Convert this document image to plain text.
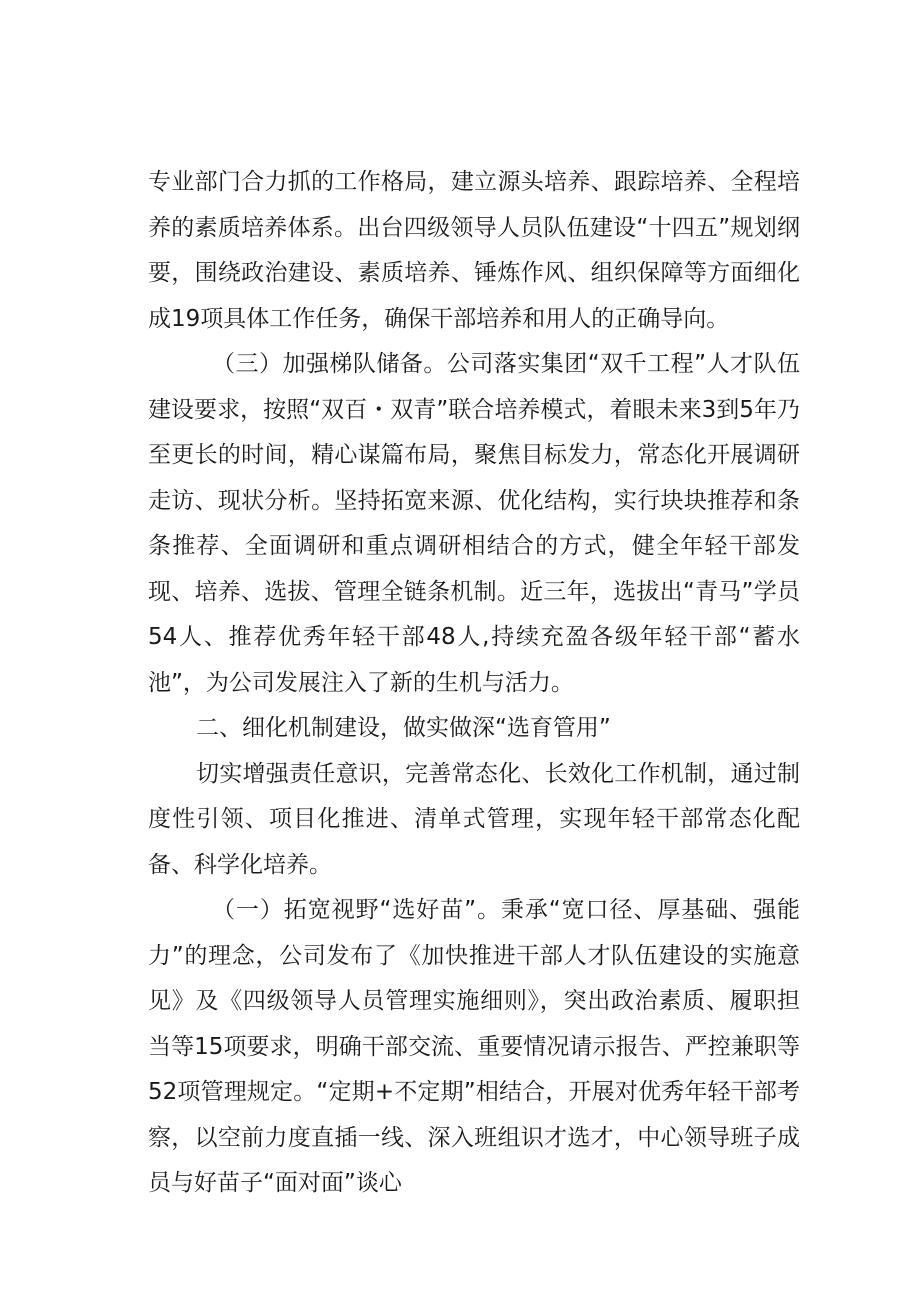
专业部门合力抓的工作格局，建立源头培养、跟踪培养、全程培养的素质培养体系。出台四级领导人员队伍建设“十四五”规划纲要，围绕政治建设、素质培养、锤炼作风、组织保障等方面细化成19项具体工作任务，确保干部培养和用人的正确导向。

（三）加强梯队储备。公司落实集团“双千工程”人才队伍建设要求，按照“双百・双青”联合培养模式，着眼未来3到5年乃至更长的时间，精心谋篇布局，聚焦目标发力，常态化开展调研走访、现状分析。坚持拓宽来源、优化结构，实行块块推荐和条条推荐、全面调研和重点调研相结合的方式，健全年轻干部发现、培养、选拔、管理全链条机制。近三年，选拔出“青马”学员54人、推荐优秀年轻干部48人,持续充盈各级年轻干部“蓄水池”，为公司发展注入了新的生机与活力。

二、细化机制建设，做实做深“选育管用”

切实增强责任意识，完善常态化、长效化工作机制，通过制度性引领、项目化推进、清单式管理，实现年轻干部常态化配备、科学化培养。

（一）拓宽视野“选好苗”。秉承“宽口径、厚基础、强能力”的理念，公司发布了《加快推进干部人才队伍建设的实施意见》及《四级领导人员管理实施细则》，突出政治素质、履职担当等15项要求，明确干部交流、重要情况请示报告、严控兼职等52项管理规定。“定期+不定期”相结合，开展对优秀年轻干部考察，以空前力度直插一线、深入班组识才选才，中心领导班子成员与好苗子“面对面”谈心
